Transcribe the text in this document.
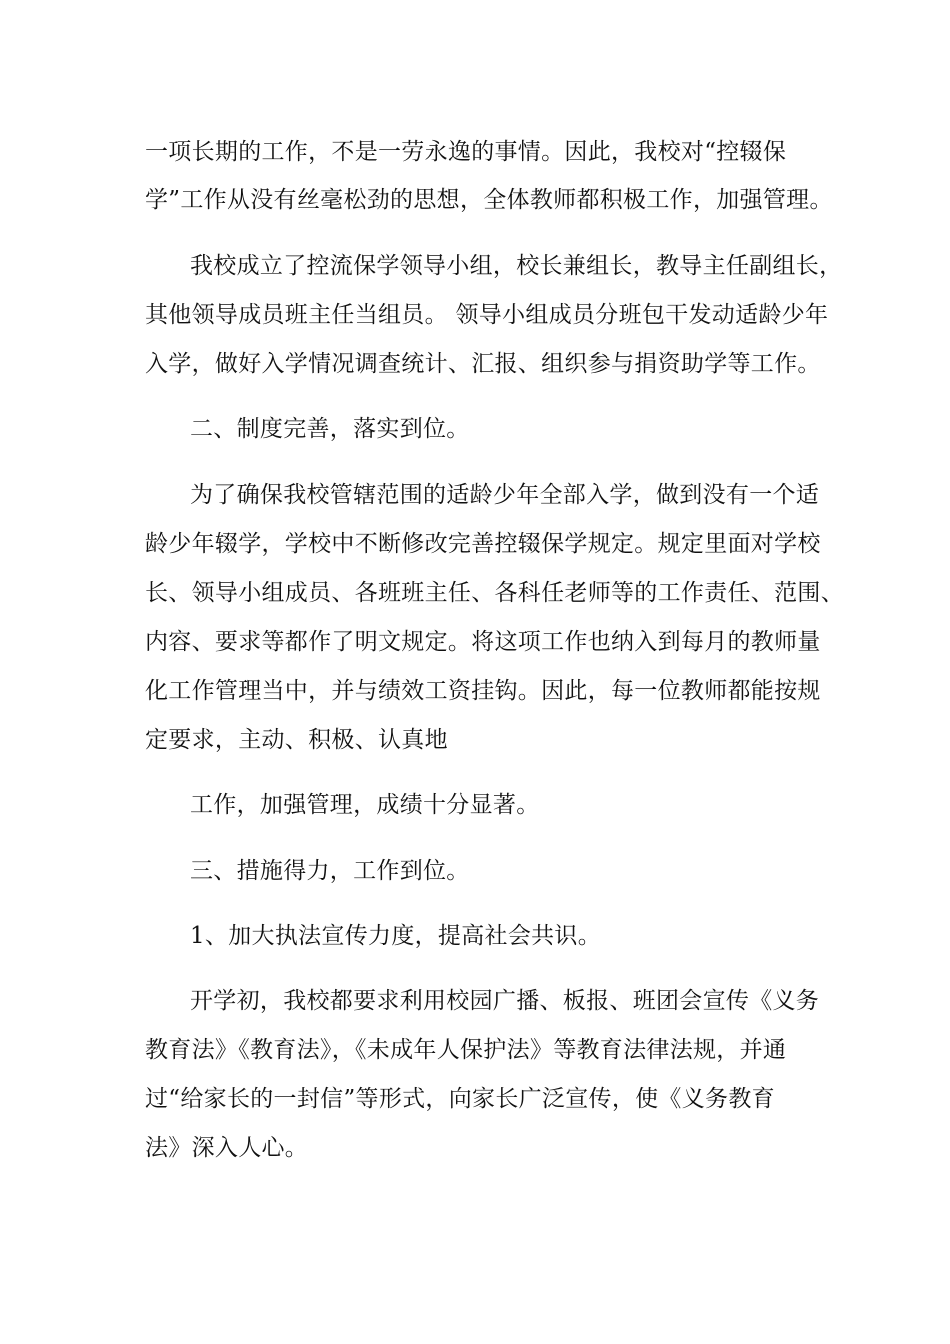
一项长期的工作，不是一劳永逸的事情。因此，我校对“控辍保
学”工作从没有丝毫松劲的思想，全体教师都积极工作，加强管理。
我校成立了控流保学领导小组，校长兼组长，教导主任副组长，
其他领导成员班主任当组员。 领导小组成员分班包干发动适龄少年
入学，做好入学情况调查统计、汇报、组织参与捐资助学等工作。
二、制度完善，落实到位。
为了确保我校管辖范围的适龄少年全部入学，做到没有一个适
龄少年辍学，学校中不断修改完善控辍保学规定。规定里面对学校
长、领导小组成员、各班班主任、各科任老师等的工作责任、范围、
内容、要求等都作了明文规定。将这项工作也纳入到每月的教师量
化工作管理当中，并与绩效工资挂钩。因此，每一位教师都能按规
定要求，主动、积极、认真地
工作，加强管理，成绩十分显著。
三、措施得力，工作到位。
1、加大执法宣传力度，提高社会共识。
开学初，我校都要求利用校园广播、板报、班团会宣传《义务
教育法》《教育法》，《未成年人保护法》等教育法律法规，并通
过“给家长的一封信”等形式，向家长广泛宣传，使《义务教育
法》深入人心。
